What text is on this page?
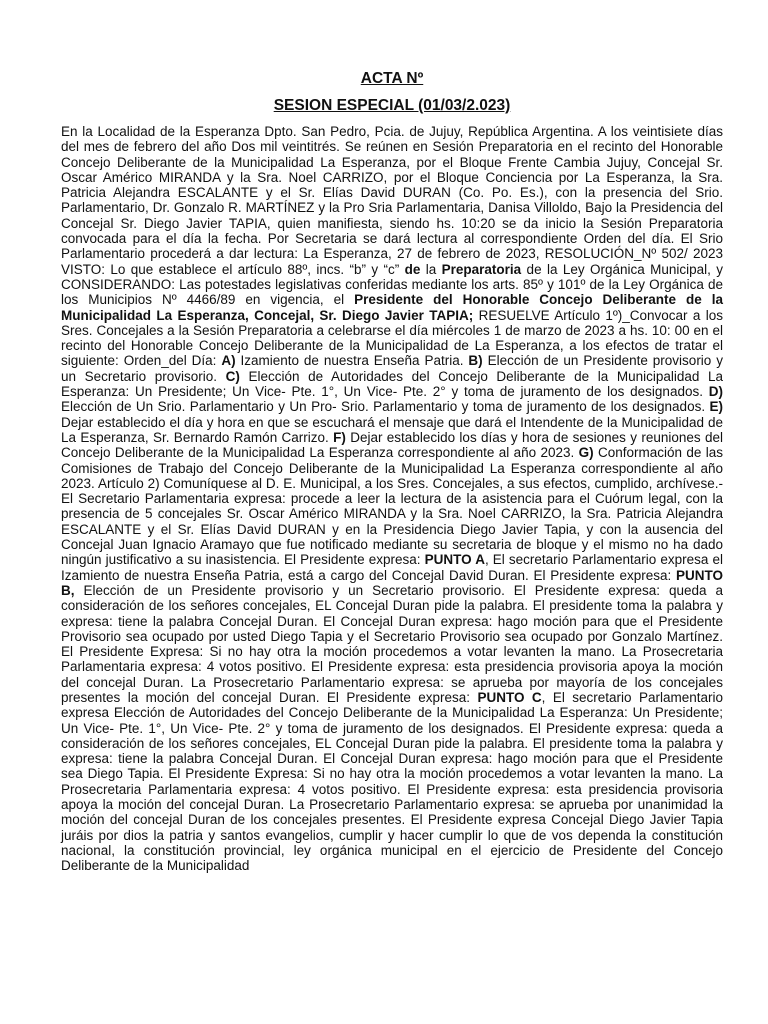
ACTA Nº
SESION ESPECIAL (01/03/2.023)

En la Localidad de la Esperanza Dpto. San Pedro, Pcia. de Jujuy, República Argentina. A los veintisiete días del mes de febrero del año Dos mil veintitrés. Se reúnen en Sesión Preparatoria en el recinto del Honorable Concejo Deliberante de la Municipalidad La Esperanza, por el Bloque Frente Cambia Jujuy, Concejal Sr. Oscar Américo MIRANDA y la Sra. Noel CARRIZO, por el Bloque Conciencia por La Esperanza, la Sra. Patricia Alejandra ESCALANTE y el Sr. Elías David DURAN (Co. Po. Es.), con la presencia del Srio. Parlamentario, Dr. Gonzalo R. MARTÍNEZ y la Pro Sria Parlamentaria, Danisa Villoldo, Bajo la Presidencia del Concejal Sr. Diego Javier TAPIA, quien manifiesta, siendo hs. 10:20 se da inicio la Sesión Preparatoria convocada para el día la fecha. Por Secretaria se dará lectura al correspondiente Orden del día. El Srio Parlamentario procederá a dar lectura: La Esperanza, 27 de febrero de 2023, RESOLUCIÓN_Nº 502/ 2023 VISTO: Lo que establece el artículo 88º, incs. “b” y “c” de la Preparatoria de la Ley Orgánica Municipal, y CONSIDERANDO: Las potestades legislativas conferidas mediante los arts. 85º y 101º de la Ley Orgánica de los Municipios Nº 4466/89 en vigencia, el Presidente del Honorable Concejo Deliberante de la Municipalidad La Esperanza, Concejal, Sr. Diego Javier TAPIA; RESUELVE Artículo 1º)_Convocar a los Sres. Concejales a la Sesión Preparatoria a celebrarse el día miércoles 1 de marzo de 2023 a hs. 10: 00 en el recinto del Honorable Concejo Deliberante de la Municipalidad de La Esperanza, a los efectos de tratar el siguiente: Orden_del Día: A) Izamiento de nuestra Enseña Patria. B) Elección de un Presidente provisorio y un Secretario provisorio. C) Elección de Autoridades del Concejo Deliberante de la Municipalidad La Esperanza: Un Presidente; Un Vice- Pte. 1°, Un Vice- Pte. 2° y toma de juramento de los designados. D) Elección de Un Srio. Parlamentario y Un Pro- Srio. Parlamentario y toma de juramento de los designados. E) Dejar establecido el día y hora en que se escuchará el mensaje que dará el Intendente de la Municipalidad de La Esperanza, Sr. Bernardo Ramón Carrizo. F) Dejar establecido los días y hora de sesiones y reuniones del Concejo Deliberante de la Municipalidad La Esperanza correspondiente al año 2023. G) Conformación de las Comisiones de Trabajo del Concejo Deliberante de la Municipalidad La Esperanza correspondiente al año 2023. Artículo 2) Comuníquese al D. E. Municipal, a los Sres. Concejales, a sus efectos, cumplido, archívese.- El Secretario Parlamentaria expresa: procede a leer la lectura de la asistencia para el Cuórum legal, con la presencia de 5 concejales Sr. Oscar Américo MIRANDA y la Sra. Noel CARRIZO, la Sra. Patricia Alejandra ESCALANTE y el Sr. Elías David DURAN y en la Presidencia Diego Javier Tapia, y con la ausencia del Concejal Juan Ignacio Aramayo que fue notificado mediante su secretaria de bloque y el mismo no ha dado ningún justificativo a su inasistencia. El Presidente expresa: PUNTO A, El secretario Parlamentario expresa el Izamiento de nuestra Enseña Patria, está a cargo del Concejal David Duran. El Presidente expresa: PUNTO B, Elección de un Presidente provisorio y un Secretario provisorio. El Presidente expresa: queda a consideración de los señores concejales, EL Concejal Duran pide la palabra. El presidente toma la palabra y expresa: tiene la palabra Concejal Duran. El Concejal Duran expresa: hago moción para que el Presidente Provisorio sea ocupado por usted Diego Tapia y el Secretario Provisorio sea ocupado por Gonzalo Martínez. El Presidente Expresa: Si no hay otra la moción procedemos a votar levanten la mano. La Prosecretaria Parlamentaria expresa: 4 votos positivo. El Presidente expresa: esta presidencia provisoria apoya la moción del concejal Duran. La Prosecretario Parlamentario expresa: se aprueba por mayoría de los concejales presentes la moción del concejal Duran. El Presidente expresa: PUNTO C, El secretario Parlamentario expresa Elección de Autoridades del Concejo Deliberante de la Municipalidad La Esperanza: Un Presidente; Un Vice- Pte. 1°, Un Vice- Pte. 2° y toma de juramento de los designados. El Presidente expresa: queda a consideración de los señores concejales, EL Concejal Duran pide la palabra. El presidente toma la palabra y expresa: tiene la palabra Concejal Duran. El Concejal Duran expresa: hago moción para que el Presidente sea Diego Tapia. El Presidente Expresa: Si no hay otra la moción procedemos a votar levanten la mano. La Prosecretaria Parlamentaria expresa: 4 votos positivo. El Presidente expresa: esta presidencia provisoria apoya la moción del concejal Duran. La Prosecretario Parlamentario expresa: se aprueba por unanimidad la moción del concejal Duran de los concejales presentes. El Presidente expresa Concejal Diego Javier Tapia juráis por dios la patria y santos evangelios, cumplir y hacer cumplir lo que de vos dependa la constitución nacional, la constitución provincial, ley orgánica municipal en el ejercicio de Presidente del Concejo Deliberante de la Municipalidad
